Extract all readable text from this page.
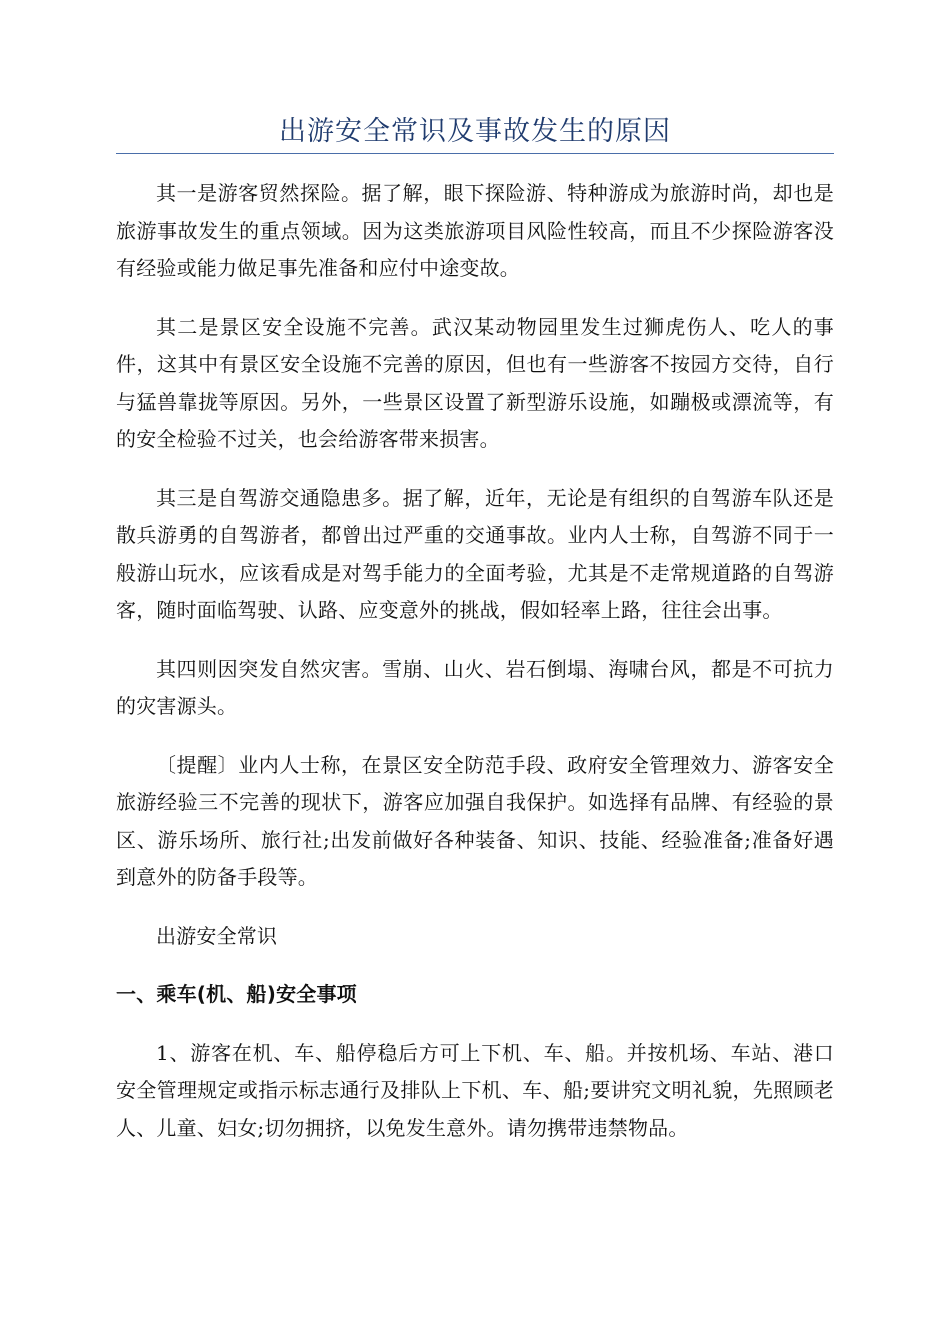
出游安全常识及事故发生的原因

其一是游客贸然探险。据了解，眼下探险游、特种游成为旅游时尚，却也是旅游事故发生的重点领域。因为这类旅游项目风险性较高，而且不少探险游客没有经验或能力做足事先准备和应付中途变故。

其二是景区安全设施不完善。武汉某动物园里发生过狮虎伤人、吃人的事件，这其中有景区安全设施不完善的原因，但也有一些游客不按园方交待，自行与猛兽靠拢等原因。另外，一些景区设置了新型游乐设施，如蹦极或漂流等，有的安全检验不过关，也会给游客带来损害。

其三是自驾游交通隐患多。据了解，近年，无论是有组织的自驾游车队还是散兵游勇的自驾游者，都曾出过严重的交通事故。业内人士称，自驾游不同于一般游山玩水，应该看成是对驾手能力的全面考验，尤其是不走常规道路的自驾游客，随时面临驾驶、认路、应变意外的挑战，假如轻率上路，往往会出事。

其四则因突发自然灾害。雪崩、山火、岩石倒塌、海啸台风，都是不可抗力的灾害源头。

〔提醒〕业内人士称，在景区安全防范手段、政府安全管理效力、游客安全旅游经验三不完善的现状下，游客应加强自我保护。如选择有品牌、有经验的景区、游乐场所、旅行社;出发前做好各种装备、知识、技能、经验准备;准备好遇到意外的防备手段等。

出游安全常识

一、乘车(机、船)安全事项

1、游客在机、车、船停稳后方可上下机、车、船。并按机场、车站、港口安全管理规定或指示标志通行及排队上下机、车、船;要讲究文明礼貌，先照顾老人、儿童、妇女;切勿拥挤，以免发生意外。请勿携带违禁物品。
